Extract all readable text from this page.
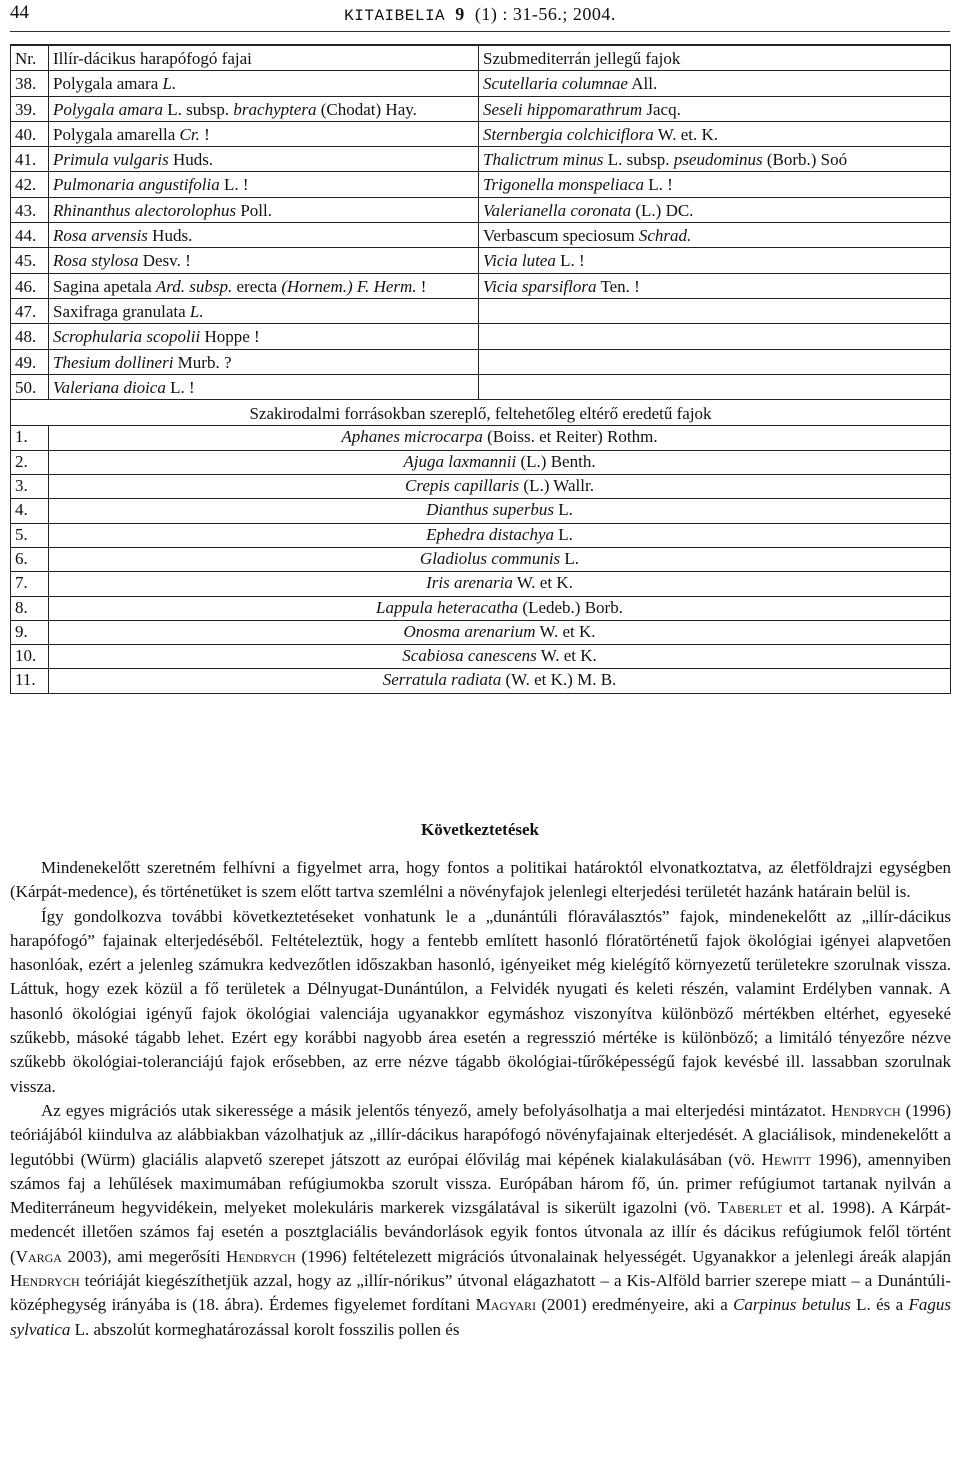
44	KITAIBELIA 9 (1) : 31-56.; 2004.
Nr.	Illír-dácikus harapófogó fajai	Szubmediterrán jellegű fajok
38.	Polygala amara L.	Scutellaria columnae All.
39.	Polygala amara L. subsp. brachyptera (Chodat) Hay.	Seseli hippomarathrum Jacq.
40.	Polygala amarella Cr. !	Sternbergia colchiciflora W. et. K.
41.	Primula vulgaris Huds.	Thalictrum minus L. subsp. pseudominus (Borb.) Soó
42.	Pulmonaria angustifolia L. !	Trigonella monspeliaca L. !
43.	Rhinanthus alectorolophus Poll.	Valerianella coronata (L.) DC.
44.	Rosa arvensis Huds.	Verbascum speciosum Schrad.
45.	Rosa stylosa Desv. !	Vicia lutea L. !
46.	Sagina apetala Ard. subsp. erecta (Hornem.) F. Herm. !	Vicia sparsiflora Ten. !
47.	Saxifraga granulata L.	
48.	Scrophularia scopolii Hoppe !	
49.	Thesium dollineri Murb. ?	
50.	Valeriana dioica L. !	
Szakirodalmi forrásokban szereplő, feltehetőleg eltérő eredetű fajok		
1.	Aphanes microcarpa (Boiss. et Reiter) Rothm.	
2.	Ajuga laxmannii (L.) Benth.	
3.	Crepis capillaris (L.) Wallr.	
4.	Dianthus superbus L.	
5.	Ephedra distachya L.	
6.	Gladiolus communis L.	
7.	Iris arenaria W. et K.	
8.	Lappula heteracatha (Ledeb.) Borb.	
9.	Onosma arenarium W. et K.	
10.	Scabiosa canescens W. et K.	
11.	Serratula radiata (W. et K.) M. B.	
Következtetések

Mindenekelőtt szeretném felhívni a figyelmet arra, hogy fontos a politikai határoktól elvonatkoztatva, az életföldrajzi egységben (Kárpát-medence), és történetüket is szem előtt tartva szemlélni a növényfajok jelenlegi elterjedési területét hazánk határain belül is.

Így gondolkozva további következtetéseket vonhatunk le a „dunántúli flóraválasztós” fajok, mindenekelőtt az „illír-dácikus harapófogó” fajainak elterjedéséből. Feltételeztük, hogy a fentebb említett hasonló flóratörténetű fajok ökológiai igényei alapvetően hasonlóak, ezért a jelenleg számukra kedvezőtlen időszakban hasonló, igényeiket még kielégítő környezetű területekre szorulnak vissza. Láttuk, hogy ezek közül a fő területek a Délnyugat-Dunántúlon, a Felvidék nyugati és keleti részén, valamint Erdélyben vannak. A hasonló ökológiai igényű fajok ökológiai valenciája ugyanakkor egymáshoz viszonyítva különböző mértékben eltérhet, egyeseké szűkebb, másoké tágabb lehet. Ezért egy korábbi nagyobb área esetén a regresszió mértéke is különböző; a limitáló tényezőre nézve szűkebb ökológiai-toleranciájú fajok erősebben, az erre nézve tágabb ökológiai-tűrőképességű fajok kevésbé ill. lassabban szorulnak vissza.

Az egyes migrációs utak sikeressége a másik jelentős tényező, amely befolyásolhatja a mai elterjedési mintázatot. Hendrych (1996) teóriájából kiindulva az alábbiakban vázolhatjuk az „illír-dácikus harapófogó növényfajainak elterjedését. A glaciálisok, mindenekelőtt a legutóbbi (Würm) glaciális alapvető szerepet játszott az európai élővilág mai képének kialakulásában (vö. Hewitt 1996), amennyiben számos faj a lehűlések maximumában refúgiumokba szorult vissza. Európában három fő, ún. primer refúgiumot tartanak nyilván a Mediterráneum hegyvidékein, melyeket molekuláris markerek vizsgálatával is sikerült igazolni (vö. Taberlet et al. 1998). A Kárpát-medencét illetően számos faj esetén a posztglaciális bevándorlások egyik fontos útvonala az illír és dácikus refúgiumok felől történt (Varga 2003), ami megerősíti Hendrych (1996) feltételezett migrációs útvonalainak helyességét. Ugyanakkor a jelenlegi áreák alapján Hendrych teóriáját kiegészíthetjük azzal, hogy az „illír-nórikus” útvonal elágazhatott – a Kis-Alföld barrier szerepe miatt – a Dunántúli-középhegység irányába is (18. ábra). Érdemes figyelemet fordítani Magyari (2001) eredményeire, aki a Carpinus betulus L. és a Fagus sylvatica L. abszolút kormeghatározással korolt fosszilis pollen és
